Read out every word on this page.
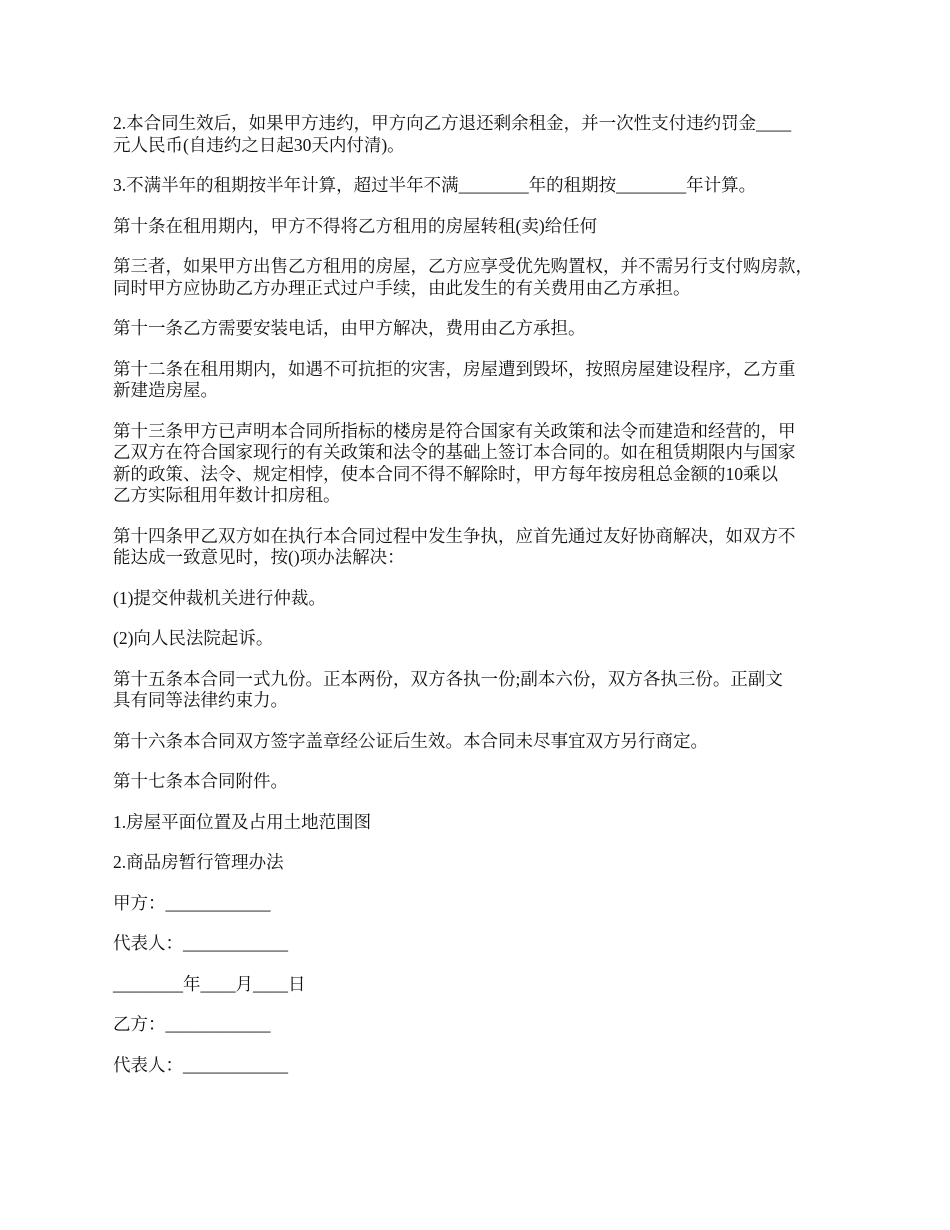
2.本合同生效后，如果甲方违约，甲方向乙方退还剩余租金，并一次性支付违约罚金____
元人民币(自违约之日起30天内付清)。

3.不满半年的租期按半年计算，超过半年不满________年的租期按________年计算。

第十条在租用期内，甲方不得将乙方租用的房屋转租(卖)给任何

第三者，如果甲方出售乙方租用的房屋，乙方应享受优先购置权，并不需另行支付购房款，
同时甲方应协助乙方办理正式过户手续，由此发生的有关费用由乙方承担。

第十一条乙方需要安装电话，由甲方解决，费用由乙方承担。

第十二条在租用期内，如遇不可抗拒的灾害，房屋遭到毁坏，按照房屋建设程序，乙方重
新建造房屋。

第十三条甲方已声明本合同所指标的楼房是符合国家有关政策和法令而建造和经营的，甲
乙双方在符合国家现行的有关政策和法令的基础上签订本合同的。如在租赁期限内与国家
新的政策、法令、规定相悖，使本合同不得不解除时，甲方每年按房租总金额的10乘以
乙方实际租用年数计扣房租。

第十四条甲乙双方如在执行本合同过程中发生争执，应首先通过友好协商解决，如双方不
能达成一致意见时，按()项办法解决：

(1)提交仲裁机关进行仲裁。

(2)向人民法院起诉。

第十五条本合同一式九份。正本两份，双方各执一份;副本六份，双方各执三份。正副文
具有同等法律约束力。

第十六条本合同双方签字盖章经公证后生效。本合同未尽事宜双方另行商定。

第十七条本合同附件。

1.房屋平面位置及占用土地范围图

2.商品房暂行管理办法

甲方：____________

代表人：____________

________年____月____日

乙方：____________

代表人：____________
